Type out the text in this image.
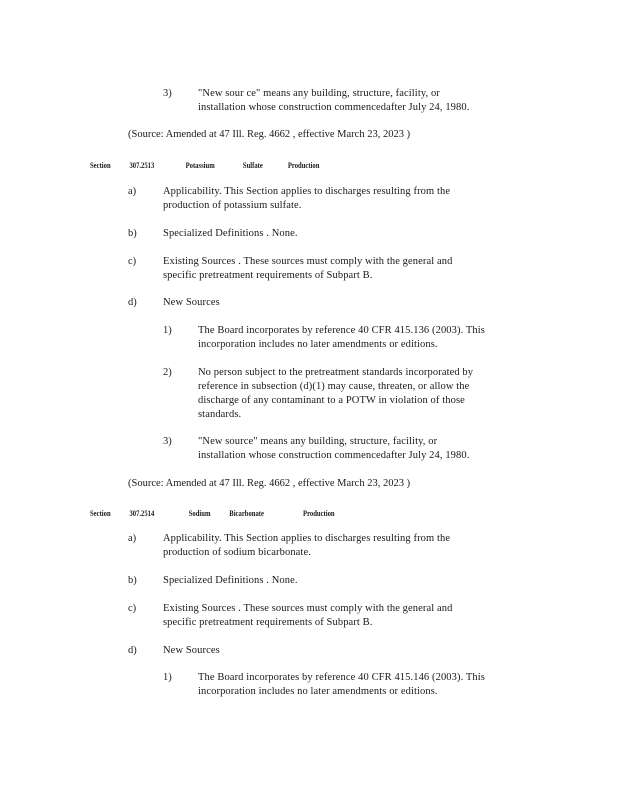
3)	"New sour ce" means any building, structure, facility, or
installation whose construction commencedafter July 24, 1980.
(Source: Amended at 47 Ill. Reg. 4662 , effective March 23, 2023 )
Section 307.2513	Potassium	Sulfate	Production
a)	Applicability. This Section applies to discharges resulting from the
production of potassium sulfate.
b)	Specialized Definitions . None.
c)	Existing Sources . These sources must comply with the general and
specific pretreatment requirements of Subpart B.
d)	New Sources
1)	The Board incorporates by reference 40 CFR 415.136 (2003). This
incorporation includes no later amendments or editions.
2)	No person subject to the pretreatment standards incorporated by
reference in subsection (d)(1) may cause, threaten, or allow the
discharge of any contaminant to a POTW in violation of those
standards.
3)	"New source" means any building, structure, facility, or
installation whose construction commencedafter July 24, 1980.
(Source: Amended at 47 Ill. Reg. 4662 , effective March 23, 2023 )
Section 307.2514	Sodium Bicarbonate	Production
a)	Applicability. This Section applies to discharges resulting from the
production of sodium bicarbonate.
b)	Specialized Definitions . None.
c)	Existing Sources . These sources must comply with the general and
specific pretreatment requirements of Subpart B.
d)	New Sources
1)	The Board incorporates by reference 40 CFR 415.146 (2003). This
incorporation includes no later amendments or editions.
